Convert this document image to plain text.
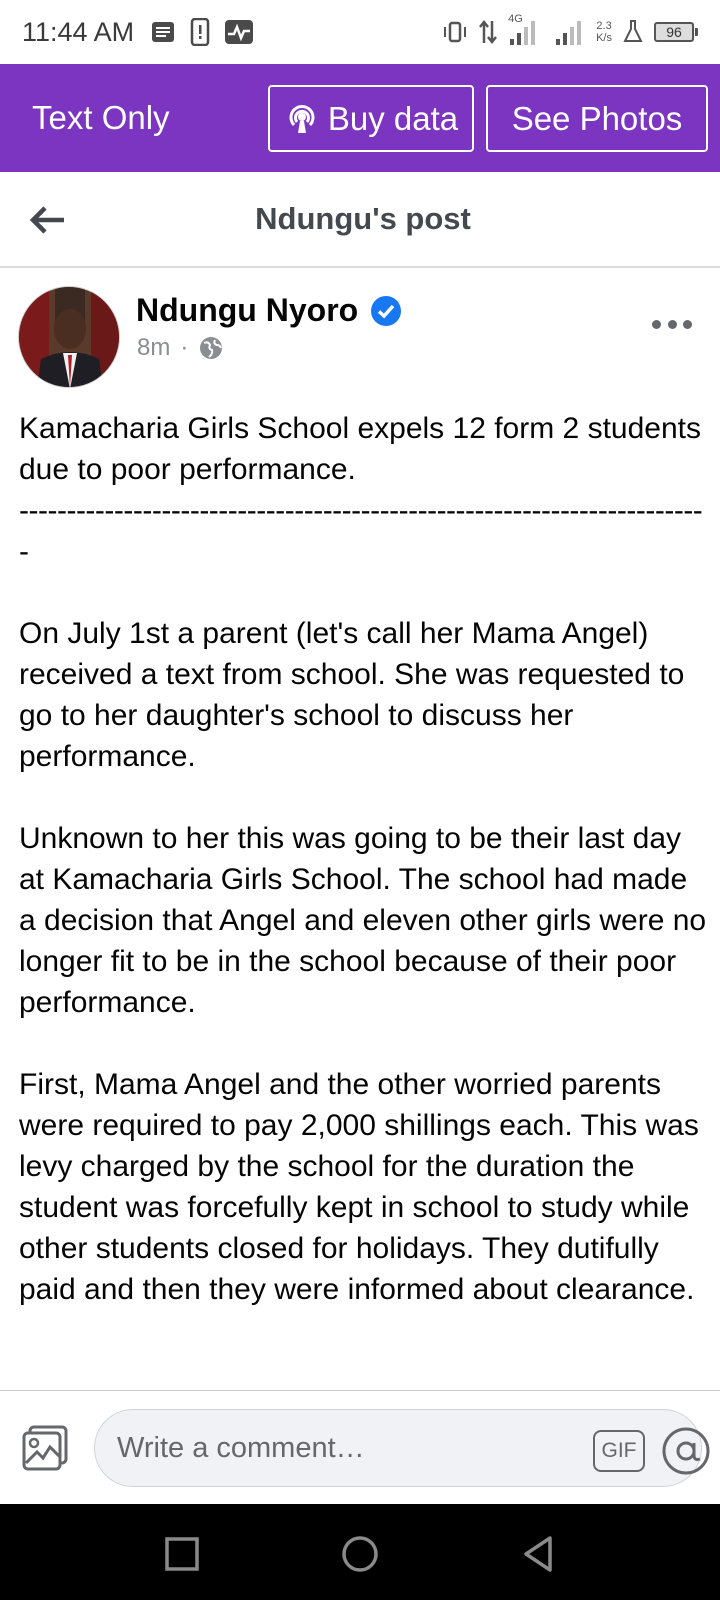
11:44 AM	4G
2.3
K/s	96
Text Only	Buy data See Photos
Ndungu's post
Ndungu Nyoro
8m ·

Kamacharia Girls School expels 12 form 2 students due to poor performance.

-------------------------------------------------------------------------

On July 1st a parent (let's call her Mama Angel) received a text from school. She was requested to go to her daughter's school to discuss her performance.

Unknown to her this was going to be their last day at Kamacharia Girls School. The school had made a decision that Angel and eleven other girls were no longer fit to be in the school because of their poor performance.

First, Mama Angel and the other worried parents were required to pay 2,000 shillings each. This was levy charged by the school for the duration the student was forcefully kept in school to study while other students closed for holidays. They dutifully paid and then they were informed about clearance.

Write a comment…	GIF
